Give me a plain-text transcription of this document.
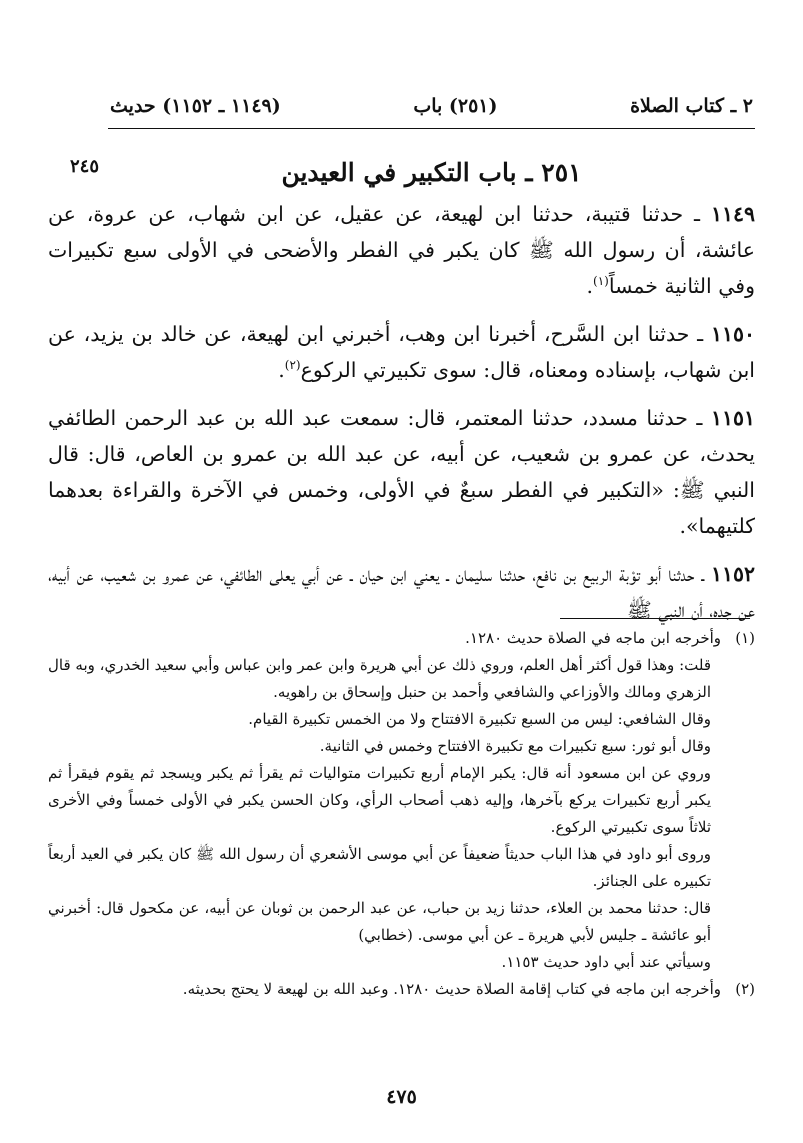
٢ ـ كتاب الصلاة
(٢٥١) باب
(١١٤٩ ـ ١١٥٢) حديث
٢٤٥	٢٥١ ـ باب التكبير في العيدين

١١٤٩ ـ حدثنا قتيبة، حدثنا ابن لهيعة، عن عقيل، عن ابن شهاب، عن عروة، عن عائشة، أن رسول الله ﷺ كان يكبر في الفطر والأضحى في الأولى سبع تكبيرات وفي الثانية خمساً$^{(١)}$.

١١٥٠ ـ حدثنا ابن السَّرح، أخبرنا ابن وهب، أخبرني ابن لهيعة، عن خالد بن يزيد، عن ابن شهاب، بإسناده ومعناه، قال: سوى تكبيرتي الركوع$^{(٢)}$.

١١٥١ ـ حدثنا مسدد، حدثنا المعتمر، قال: سمعت عبد الله بن عبد الرحمن الطائفي يحدث، عن عمرو بن شعيب، عن أبيه، عن عبد الله بن عمرو بن العاص، قال: قال النبي ﷺ: «التكبير في الفطر سبعٌ في الأولى، وخمس في الآخرة والقراءة بعدهما كلتيهما».

١١٥٢ ـ حدثنا أبو توْبة الربيع بن نافع، حدثنا سليمان ـ يعني ابن حيان ـ عن أبي يعلى الطائفي، عن عمرو بن شعيب، عن أبيه، عن جده، أن النبي ﷺ

(١)

وأخرجه ابن ماجه في الصلاة حديث ١٢٨٠.

قلت: وهذا قول أكثر أهل العلم، وروي ذلك عن أبي هريرة وابن عمر وابن عباس وأبي سعيد الخدري، وبه قال الزهري ومالك والأوزاعي والشافعي وأحمد بن حنبل وإسحاق بن راهويه.

وقال الشافعي: ليس من السبع تكبيرة الافتتاح ولا من الخمس تكبيرة القيام.

وقال أبو ثور: سبع تكبيرات مع تكبيرة الافتتاح وخمس في الثانية.

وروي عن ابن مسعود أنه قال: يكبر الإمام أربع تكبيرات متواليات ثم يقرأ ثم يكبر ويسجد ثم يقوم فيقرأ ثم يكبر أربع تكبيرات يركع بآخرها، وإليه ذهب أصحاب الرأي، وكان الحسن يكبر في الأولى خمساً وفي الأخرى ثلاثاً سوى تكبيرتي الركوع.

وروى أبو داود في هذا الباب حديثاً ضعيفاً عن أبي موسى الأشعري أن رسول الله ﷺ كان يكبر في العيد أربعاً تكبيره على الجنائز.

قال: حدثنا محمد بن العلاء، حدثنا زيد بن حباب، عن عبد الرحمن بن ثوبان عن أبيه، عن مكحول قال: أخبرني أبو عائشة ـ جليس لأبي هريرة ـ عن أبي موسى. (خطابي)

وسيأتي عند أبي داود حديث ١١٥٣.

(٢)

وأخرجه ابن ماجه في كتاب إقامة الصلاة حديث ١٢٨٠. وعبد الله بن لهيعة لا يحتج بحديثه.

٤٧٥
